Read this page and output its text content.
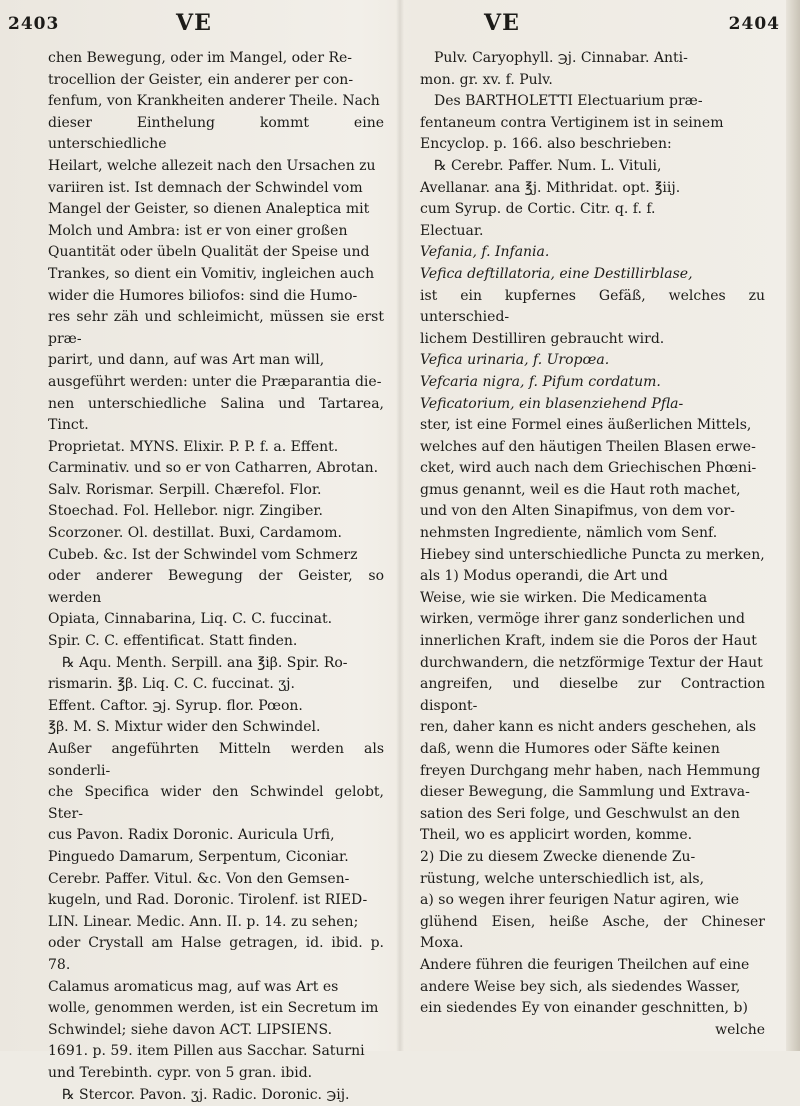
2403	VE	VE	2404

chen Bewegung, oder im Mangel, oder Re-

trocellion der Geister, ein anderer per con-

fenfum, von Krankheiten anderer Theile. Nach

dieser Einthelung kommt eine unterschiedliche

Heilart, welche allezeit nach den Ursachen zu

variiren ist. Ist demnach der Schwindel vom

Mangel der Geister, so dienen Analeptica mit

Molch und Ambra: ist er von einer großen

Quantität oder übeln Qualität der Speise und

Trankes, so dient ein Vomitiv, ingleichen auch

wider die Humores biliofos: sind die Humo-

res sehr zäh und schleimicht, müssen sie erst præ-

parirt, und dann, auf was Art man will,

ausgeführt werden: unter die Præparantia die-

nen unterschiedliche Salina und Tartarea, Tinct.

Proprietat. MYNS. Elixir. P. P. f. a. Effent.

Carminativ. und so er von Catharren, Abrotan.

Salv. Rorismar. Serpill. Chærefol. Flor.

Stoechad. Fol. Hellebor. nigr. Zingiber.

Scorzoner. Ol. destillat. Buxi, Cardamom.

Cubeb. &c. Ist der Schwindel vom Schmerz

oder anderer Bewegung der Geister, so werden

Opiata, Cinnabarina, Liq. C. C. fuccinat.

Spir. C. C. effentificat. Statt finden.

℞ Aqu. Menth. Serpill. ana ℥iβ. Spir. Ro-

rismarin. ℥β. Liq. C. C. fuccinat. ʒj.

Effent. Caftor. ℈j. Syrup. flor. Pœon.

℥β. M. S. Mixtur wider den Schwindel.

Außer angeführten Mitteln werden als sonderli-

che Specifica wider den Schwindel gelobt, Ster-

cus Pavon. Radix Doronic. Auricula Urfi,

Pinguedo Damarum, Serpentum, Ciconiar.

Cerebr. Paffer. Vitul. &c. Von den Gemsen-

kugeln, und Rad. Doronic. Tirolenf. ist RIED-

LIN. Linear. Medic. Ann. II. p. 14. zu sehen;

oder Crystall am Halse getragen, id. ibid. p. 78.

Calamus aromaticus mag, auf was Art es

wolle, genommen werden, ist ein Secretum im

Schwindel; siehe davon ACT. LIPSIENS.

1691. p. 59. item Pillen aus Sacchar. Saturni

und Terebinth. cypr. von 5 gran. ibid.

℞ Stercor. Pavon. ʒj. Radic. Doronic. ℈ij.

Pulv. Caryophyll. ℈j. Cinnabar. Anti-

mon. gr. xv. f. Pulv.

Des BARTHOLETTI Electuarium præ-

fentaneum contra Vertiginem ist in seinem

Encyclop. p. 166. also beschrieben:

℞ Cerebr. Paffer. Num. L. Vituli,

Avellanar. ana ℥j. Mithridat. opt. ℥iij.

cum Syrup. de Cortic. Citr. q. f. f.

Electuar.

Vefania, f. Infania.

Vefica deftillatoria, eine Destillirblase,

ist ein kupfernes Gefäß, welches zu unterschied-

lichem Destilliren gebraucht wird.

Vefica urinaria, f. Uropœa.

Vefcaria nigra, f. Pifum cordatum.

Veficatorium, ein blasenziehend Pfla-

ster, ist eine Formel eines äußerlichen Mittels,

welches auf den häutigen Theilen Blasen erwe-

cket, wird auch nach dem Griechischen Phœni-

gmus genannt, weil es die Haut roth machet,

und von den Alten Sinapifmus, von dem vor-

nehmsten Ingrediente, nämlich vom Senf.

Hiebey sind unterschiedliche Puncta zu merken,

als 1) Modus operandi, die Art und

Weise, wie sie wirken. Die Medicamenta

wirken, vermöge ihrer ganz sonderlichen und

innerlichen Kraft, indem sie die Poros der Haut

durchwandern, die netzförmige Textur der Haut

angreifen, und dieselbe zur Contraction dispont-

ren, daher kann es nicht anders geschehen, als

daß, wenn die Humores oder Säfte keinen

freyen Durchgang mehr haben, nach Hemmung

dieser Bewegung, die Sammlung und Extrava-

sation des Seri folge, und Geschwulst an den

Theil, wo es applicirt worden, komme.

2) Die zu diesem Zwecke dienende Zu-

rüstung, welche unterschiedlich ist, als,

a) so wegen ihrer feurigen Natur agiren, wie

glühend Eisen, heiße Asche, der Chineser Moxa.

Andere führen die feurigen Theilchen auf eine

andere Weise bey sich, als siedendes Wasser,

ein siedendes Ey von einander geschnitten, b)

welche
